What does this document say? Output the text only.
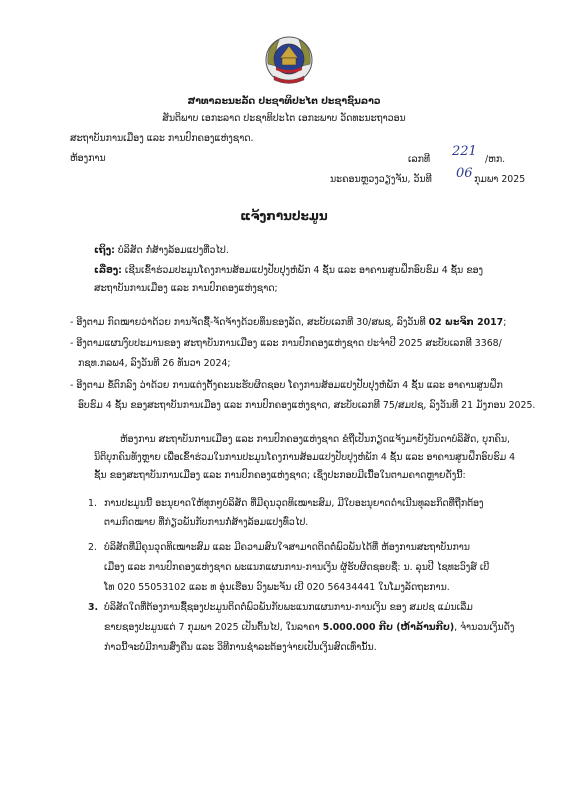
ສາທາລະນະລັດ ປະຊາທິປະໄຕ ປະຊາຊົນລາວ
ສັນຕິພາບ ເອກະລາດ ປະຊາທິປະໄຕ ເອກະພາບ ວັດທະນະຖາວອນ
ສະຖາບັນການເມືອງ ແລະ ການປົກຄອງແຫ່ງຊາດ.
ຫ້ອງການ	ເລກທີ
221
/ຫກ.
ນະຄອນຫຼວງວຽງຈັນ, ວັນທີ 06 ກຸມພາ 2025
ແຈ້ງການປະມູນ
ເຖິງ: ບໍລິສັດ ກໍ່ສ້າງລ້ອມແປງທີ່ວໄປ.
ເລື່ອງ: ເຊີນເຂົ້າຮ່ວມປະມູນໂຄງການສ້ອມແປງປັບປຸງຫໍພັກ 4 ຊັ້ນ ແລະ ອາຄານສູນຝຶກອົບຮົມ 4 ຊັ້ນ ຂອງ
ສະຖາບັນການເມືອງ ແລະ ການປົກຄອງແຫ່ງຊາດ;
- ອີງຕາມ ກົດໝາຍວ່າດ້ວຍ ການຈັດຊື້-ຈັດຈ້າງດ້ວຍທຶນຂອງລັດ, ສະບັບເລກທີ 30/ສພຊ, ລົງວັນທີ 02 ພະຈິກ 2017;
- ອີງຕາມແຜນງົບປະມານຂອງ ສະຖາບັນການເມືອງ ແລະ ການປົກຄອງແຫ່ງຊາດ ປະຈໍາປີ 2025 ສະບັບເລກທີ 3368/
ກຊທ.ກລພ4, ລົງວັນທີ 26 ທັນວາ 2024;
- ອີງຕາມ ຂໍ້ຕົກລົງ ວ່າດ້ວຍ ການແຕ່ງຕັ້ງຄະນະຮັບຜິດຊອບ ໂຄງການສ້ອມແປງປັບປຸງຫໍພັກ 4 ຊັ້ນ ແລະ ອາຄານສູນຝຶກ
ອົບຮົມ 4 ຊັ້ນ ຂອງສະຖາບັນການເມືອງ ແລະ ການປົກຄອງແຫ່ງຊາດ, ສະບັບເລກທີ 75/ສມປຊ, ລົງວັນທີ 21 ມັງກອນ 2025.
ຫ້ອງການ ສະຖາບັນການເມືອງ ແລະ ການປົກຄອງແຫ່ງຊາດ ຂໍຖືເປັນກຽດແຈ້ງມາຍັງບັນດາບໍລິສັດ, ບຸກຄົນ,
ນິຕິບຸກຄົນທັງຫຼາຍ ເພື່ອເຂົ້າຮ່ວມໃນການປະມູນໂຄງການສ້ອມແປງປັບປຸງຫໍພັກ 4 ຊັ້ນ ແລະ ອາຄານສູນຝຶກອົບຮົມ 4
ຊັ້ນ ຂອງສະຖາບັນການເມືອງ ແລະ ການປົກຄອງແຫ່ງຊາດ; ເຊິ່ງປະກອບມີເນື້ອໃນຕາມຄາດຫຼາຍດັ່ງນີ້:
1. ການປະມູນນີ້ ອະນຸຍາດໃຫ້ທຸກໆບໍລິສັດ ທີ່ມີຄຸນວຸດທິເໝາະສົມ, ມີໃບອະນຸຍາດດໍາເນີນທຸລະກິດທີ່ຖືກຕ້ອງ
ຕາມກົດໝາຍ ທີ່ກ່ຽວພັນກັບການກໍ່ສ້າງລ້ອມແປງທົ່ວໄປ.
2. ບໍລິສັດທີ່ມີຄຸນວຸດທິເໝາະສົມ ແລະ ມີຄວາມສົນໃຈສາມາດຕິດຕໍ່ພົວພັນໄດ້ທີ່ ຫ້ອງການສະຖາບັນການ
ເມືອງ ແລະ ການປົກຄອງແຫ່ງຊາດ ພະແນກແຜນການ-ການເງິນ ຜູ້ຮັບຜິດຊອບຊື່: ນ. ລຸນປີ ໄຊທະວົງສ໌ ເບີ
ໂທ 020 55053102 ແລະ ທ ອຸ່ນເຮືອນ ວົງພະຈັນ ເບີ 020 56434441 ໃນໂມງລັດຖະການ.
3. ບໍລິສັດໃດທີ່ຕ້ອງການຊື້ຊອງປະມູນຕິດຕໍ່ພົວພັນກັບພະແນກແຜນການ-ການເງິນ ຂອງ ສມປຊ ແມ່ນເລີ່ມ
ຂາຍຊອງປະມູນແຕ່ 7 ກຸມພາ 2025 ເປັນຕົ້ນໄປ, ໃນລາຄາ 5.000.000 ກີບ (ຫ້າລ້ານກີບ), ຈໍານວນເງິນດັ່ງ
ກ່າວນີ້ຈະບໍ່ມີການສົ່ງຄືນ ແລະ ວິທີການຊໍາລະຕ້ອງຈ່າຍເປັນເງິນສົດເທົ່ານັ້ນ.
